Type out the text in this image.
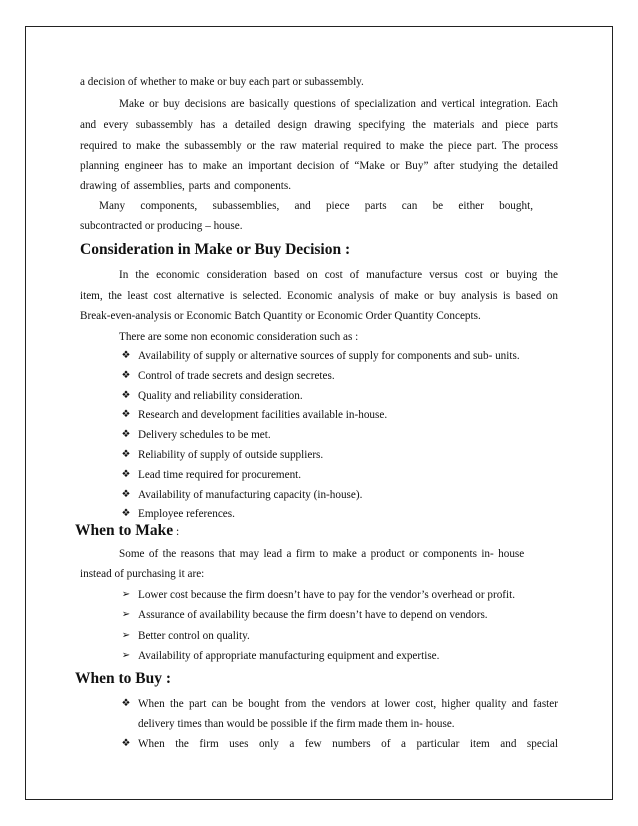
a decision of whether to make or buy each part or subassembly.
Make or buy decisions are basically questions of specialization and vertical integration. Each
and every subassembly has a detailed design drawing specifying the materials and piece parts
required to make the subassembly or the raw material required to make the piece part. The process
planning engineer has to make an important decision of “Make or Buy” after studying the detailed
drawing of assemblies, parts and components.
Many components, subassemblies, and piece parts can be either bought,
subcontracted or producing – house.
Consideration in Make or Buy Decision :
In the economic consideration based on cost of manufacture versus cost or buying the
item, the least cost alternative is selected. Economic analysis of make or buy analysis is based on
Break-even-analysis or Economic Batch Quantity or Economic Order Quantity Concepts.
There are some non economic consideration such as :
❖ Availability of supply or alternative sources of supply for components and sub- units.
❖ Control of trade secrets and design secretes.
❖ Quality and reliability consideration.
❖ Research and development facilities available in-house.
❖ Delivery schedules to be met.
❖ Reliability of supply of outside suppliers.
❖ Lead time required for procurement.
❖ Availability of manufacturing capacity (in-house).
❖ Employee references.
When to Make :
Some of the reasons that may lead a firm to make a product or components in- house
instead of purchasing it are:
➢ Lower cost because the firm doesn’t have to pay for the vendor’s overhead or profit.
➢ Assurance of availability because the firm doesn’t have to depend on vendors.
➢ Better control on quality.
➢ Availability of appropriate manufacturing equipment and expertise.
When to Buy :
❖ When the part can be bought from the vendors at lower cost, higher quality and faster
delivery times than would be possible if the firm made them in- house.
❖ When the firm uses only a few numbers of a particular item and special
